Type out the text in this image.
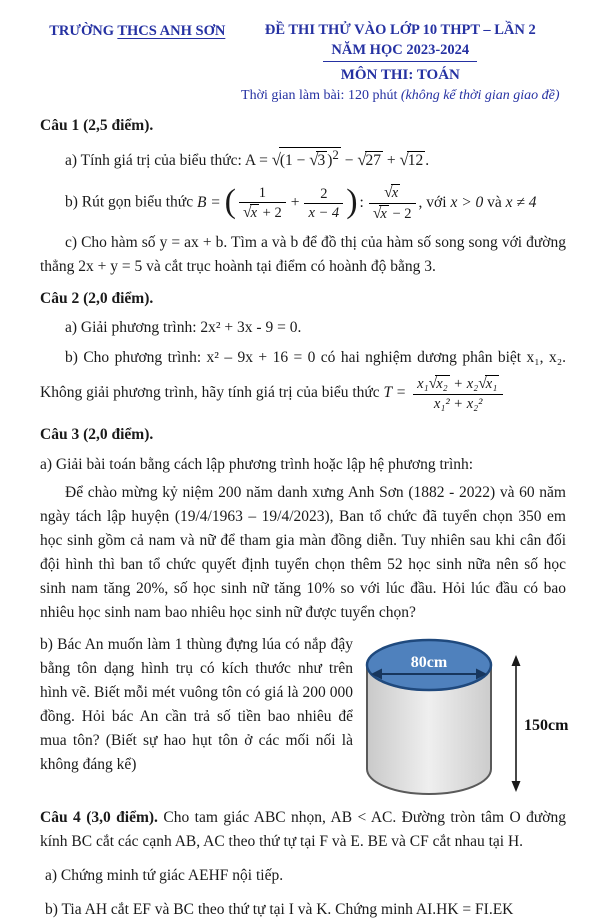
TRƯỜNG THCS ANH SƠN	ĐỀ THI THỬ VÀO LỚP 10 THPT – LẦN 2
NĂM HỌC 2023-2024
MÔN THI: TOÁN
Thời gian làm bài: 120 phút (không kể thời gian giao đề)
Câu 1 (2,5 điểm).
a) Tính giá trị của biểu thức: A = √(1 − √3 )$^2$ − √27 + √12 .
b) Rút gọn biểu thức B = ( $\frac{1}{√x + 2} + \frac{2}{x - 4}$ ) : $\frac{√x}{√x - 2}$ , với x > 0 và x ≠ 4
c) Cho hàm số y = ax + b. Tìm a và b để đồ thị của hàm số song song với đường thẳng 2x + y = 5 và cắt trục hoành tại điểm có hoành độ bằng 3.
Câu 2 (2,0 điểm).
a) Giải phương trình: 2x² + 3x - 9 = 0.
b) Cho phương trình: x² – 9x + 16 = 0 có hai nghiệm dương phân biệt x₁, x₂.
Không giải phương trình, hãy tính giá trị của biểu thức $T = \frac{\text{x₁√x₂ + x₂√x₁}}{\text{x₁² + x₂²}}$
Câu 3 (2,0 điểm).
a) Giải bài toán bằng cách lập phương trình hoặc lập hệ phương trình:
Để chào mừng kỷ niệm 200 năm danh xưng Anh Sơn (1882 - 2022) và 60 năm ngày tách lập huyện (19/4/1963 – 19/4/2023), Ban tổ chức đã tuyển chọn 350 em học sinh gồm cả nam và nữ để tham gia màn đồng diễn. Tuy nhiên sau khi cân đối đội hình thì ban tổ chức quyết định tuyển chọn thêm 52 học sinh nữa nên số học sinh nam tăng 20%, số học sinh nữ tăng 10% so với lúc đầu. Hỏi lúc đầu có bao nhiêu học sinh nam bao nhiêu học sinh nữ được tuyển chọn?
80cm
150cm
b) Bác An muốn làm 1 thùng đựng lúa có nắp đậy bằng tôn dạng hình trụ có kích thước như trên hình vẽ. Biết mỗi mét vuông tôn có giá là 200 000 đồng. Hỏi bác An cần trả số tiền bao nhiêu để mua tôn? (Biết sự hao hụt tôn ở các mối nối là không đáng kể)
Câu 4 (3,0 điểm). Cho tam giác ABC nhọn, AB < AC. Đường tròn tâm O đường kính BC cắt các cạnh AB, AC theo thứ tự tại F và E. BE và CF cắt nhau tại H.
a) Chứng minh tứ giác AEHF nội tiếp.
b) Tia AH cắt EF và BC theo thứ tự tại I và K. Chứng minh AI.HK = FI.EK
